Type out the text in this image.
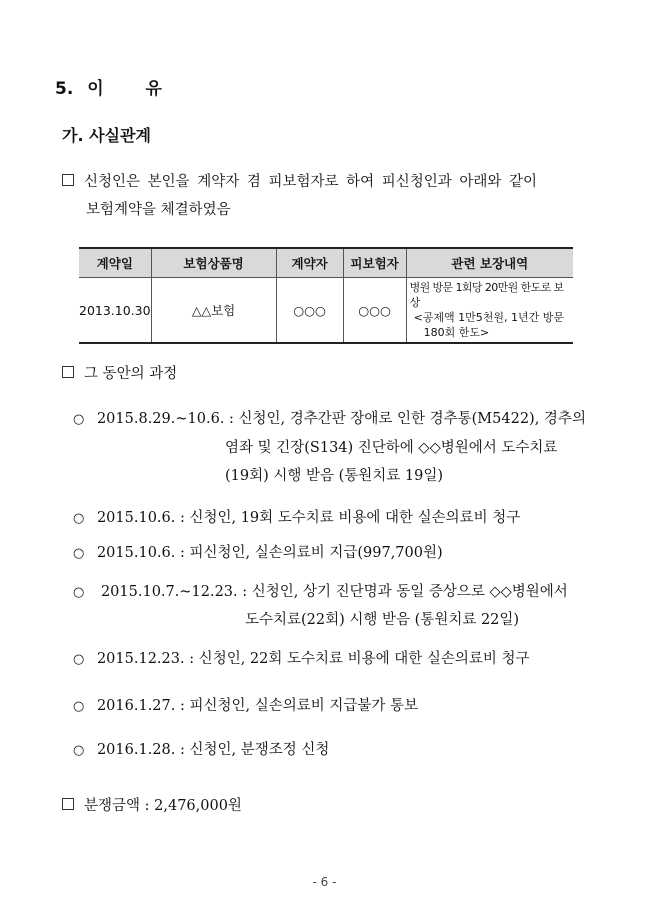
5. 이 유
가. 사실관계
신청인은 본인을 계약자 겸 피보험자로 하여 피신청인과 아래와 같이
보험계약을 체결하였음
계약일	보험상품명	계약자	피보험자	관련 보장내역
2013.10.30	△△보험	○○○	○○○	병원 방문 1회당 20만원 한도로 보상
<공제액 1만5천원, 1년간 방문
180회 한도>
그 동안의 과정
○ 2015.8.29.~10.6. : 신청인, 경추간판 장애로 인한 경추통(M5422), 경추의
염좌 및 긴장(S134) 진단하에 ◇◇병원에서 도수치료
(19회) 시행 받음 (통원치료 19일)
○ 2015.10.6. : 신청인, 19회 도수치료 비용에 대한 실손의료비 청구
○ 2015.10.6. : 피신청인, 실손의료비 지급(997,700원)
○ 2015.10.7.~12.23. : 신청인, 상기 진단명과 동일 증상으로 ◇◇병원에서
도수치료(22회) 시행 받음 (통원치료 22일)
○ 2015.12.23. : 신청인, 22회 도수치료 비용에 대한 실손의료비 청구
○ 2016.1.27. : 피신청인, 실손의료비 지급불가 통보
○ 2016.1.28. : 신청인, 분쟁조정 신청
분쟁금액 : 2,476,000원
- 6 -
